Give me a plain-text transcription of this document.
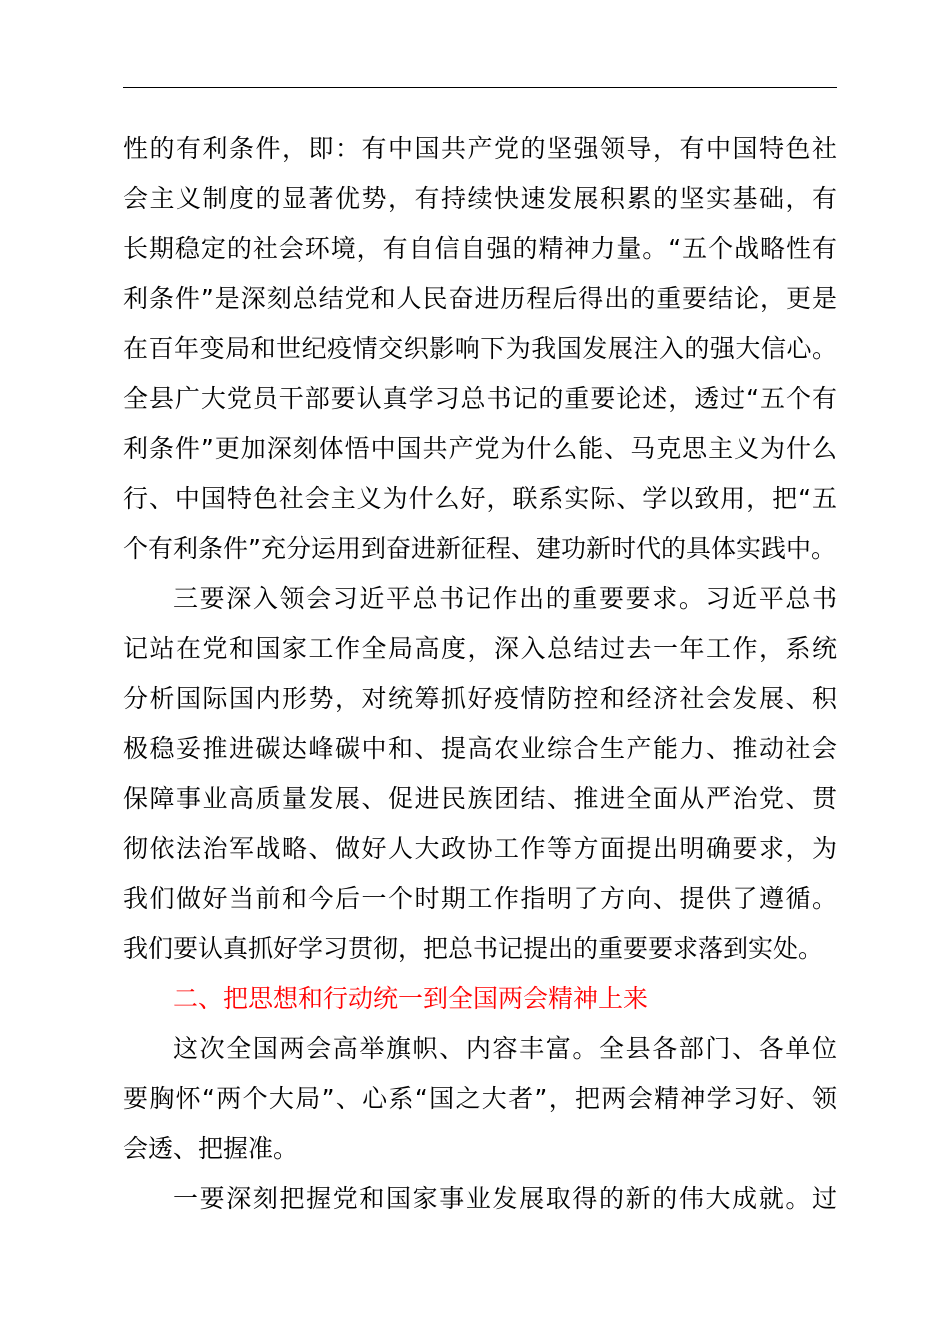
性的有利条件，即：有中国共产党的坚强领导，有中国特色社
会主义制度的显著优势，有持续快速发展积累的坚实基础，有
长期稳定的社会环境，有自信自强的精神力量。“五个战略性有
利条件”是深刻总结党和人民奋进历程后得出的重要结论，更是
在百年变局和世纪疫情交织影响下为我国发展注入的强大信心。
全县广大党员干部要认真学习总书记的重要论述，透过“五个有
利条件”更加深刻体悟中国共产党为什么能、马克思主义为什么
行、中国特色社会主义为什么好，联系实际、学以致用，把“五
个有利条件”充分运用到奋进新征程、建功新时代的具体实践中。
三要深入领会习近平总书记作出的重要要求。习近平总书
记站在党和国家工作全局高度，深入总结过去一年工作，系统
分析国际国内形势，对统筹抓好疫情防控和经济社会发展、积
极稳妥推进碳达峰碳中和、提高农业综合生产能力、推动社会
保障事业高质量发展、促进民族团结、推进全面从严治党、贯
彻依法治军战略、做好人大政协工作等方面提出明确要求，为
我们做好当前和今后一个时期工作指明了方向、提供了遵循。
我们要认真抓好学习贯彻，把总书记提出的重要要求落到实处。
二、把思想和行动统一到全国两会精神上来
这次全国两会高举旗帜、内容丰富。全县各部门、各单位
要胸怀“两个大局”、心系“国之大者”，把两会精神学习好、领
会透、把握准。
一要深刻把握党和国家事业发展取得的新的伟大成就。过
